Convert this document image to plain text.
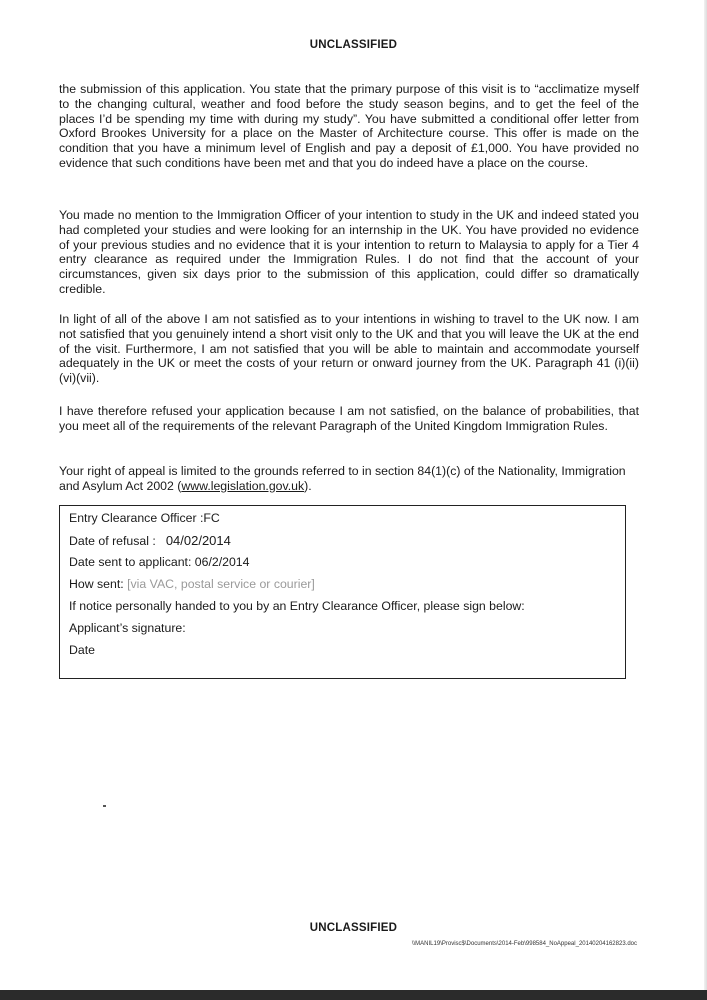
UNCLASSIFIED

the submission of this application. You state that the primary purpose of this visit is to “acclimatize myself to the changing cultural, weather and food before the study season begins, and to get the feel of the places I’d be spending my time with during my study”. You have submitted a conditional offer letter from Oxford Brookes University for a place on the Master of Architecture course. This offer is made on the condition that you have a minimum level of English and pay a deposit of £1,000. You have provided no evidence that such conditions have been met and that you do indeed have a place on the course.

You made no mention to the Immigration Officer of your intention to study in the UK and indeed stated you had completed your studies and were looking for an internship in the UK. You have provided no evidence of your previous studies and no evidence that it is your intention to return to Malaysia to apply for a Tier 4 entry clearance as required under the Immigration Rules. I do not find that the account of your circumstances, given six days prior to the submission of this application, could differ so dramatically credible.

In light of all of the above I am not satisfied as to your intentions in wishing to travel to the UK now. I am not satisfied that you genuinely intend a short visit only to the UK and that you will leave the UK at the end of the visit. Furthermore, I am not satisfied that you will be able to maintain and accommodate yourself adequately in the UK or meet the costs of your return or onward journey from the UK. Paragraph 41 (i)(ii)(vi)(vii).

I have therefore refused your application because I am not satisfied, on the balance of probabilities, that you meet all of the requirements of the relevant Paragraph of the United Kingdom Immigration Rules.

Your right of appeal is limited to the grounds referred to in section 84(1)(c) of the Nationality, Immigration and Asylum Act 2002 (www.legislation.gov.uk).

Entry Clearance Officer :FC
Date of refusal : 04/02/2014
Date sent to applicant: 06/2/2014
How sent: [via VAC, postal service or courier]
If notice personally handed to you by an Entry Clearance Officer, please sign below:
Applicant’s signature:
Date
UNCLASSIFIED
\\MANIL19\Provisc$\Documents\2014-Feb\998584_NoAppeal_20140204162823.doc
